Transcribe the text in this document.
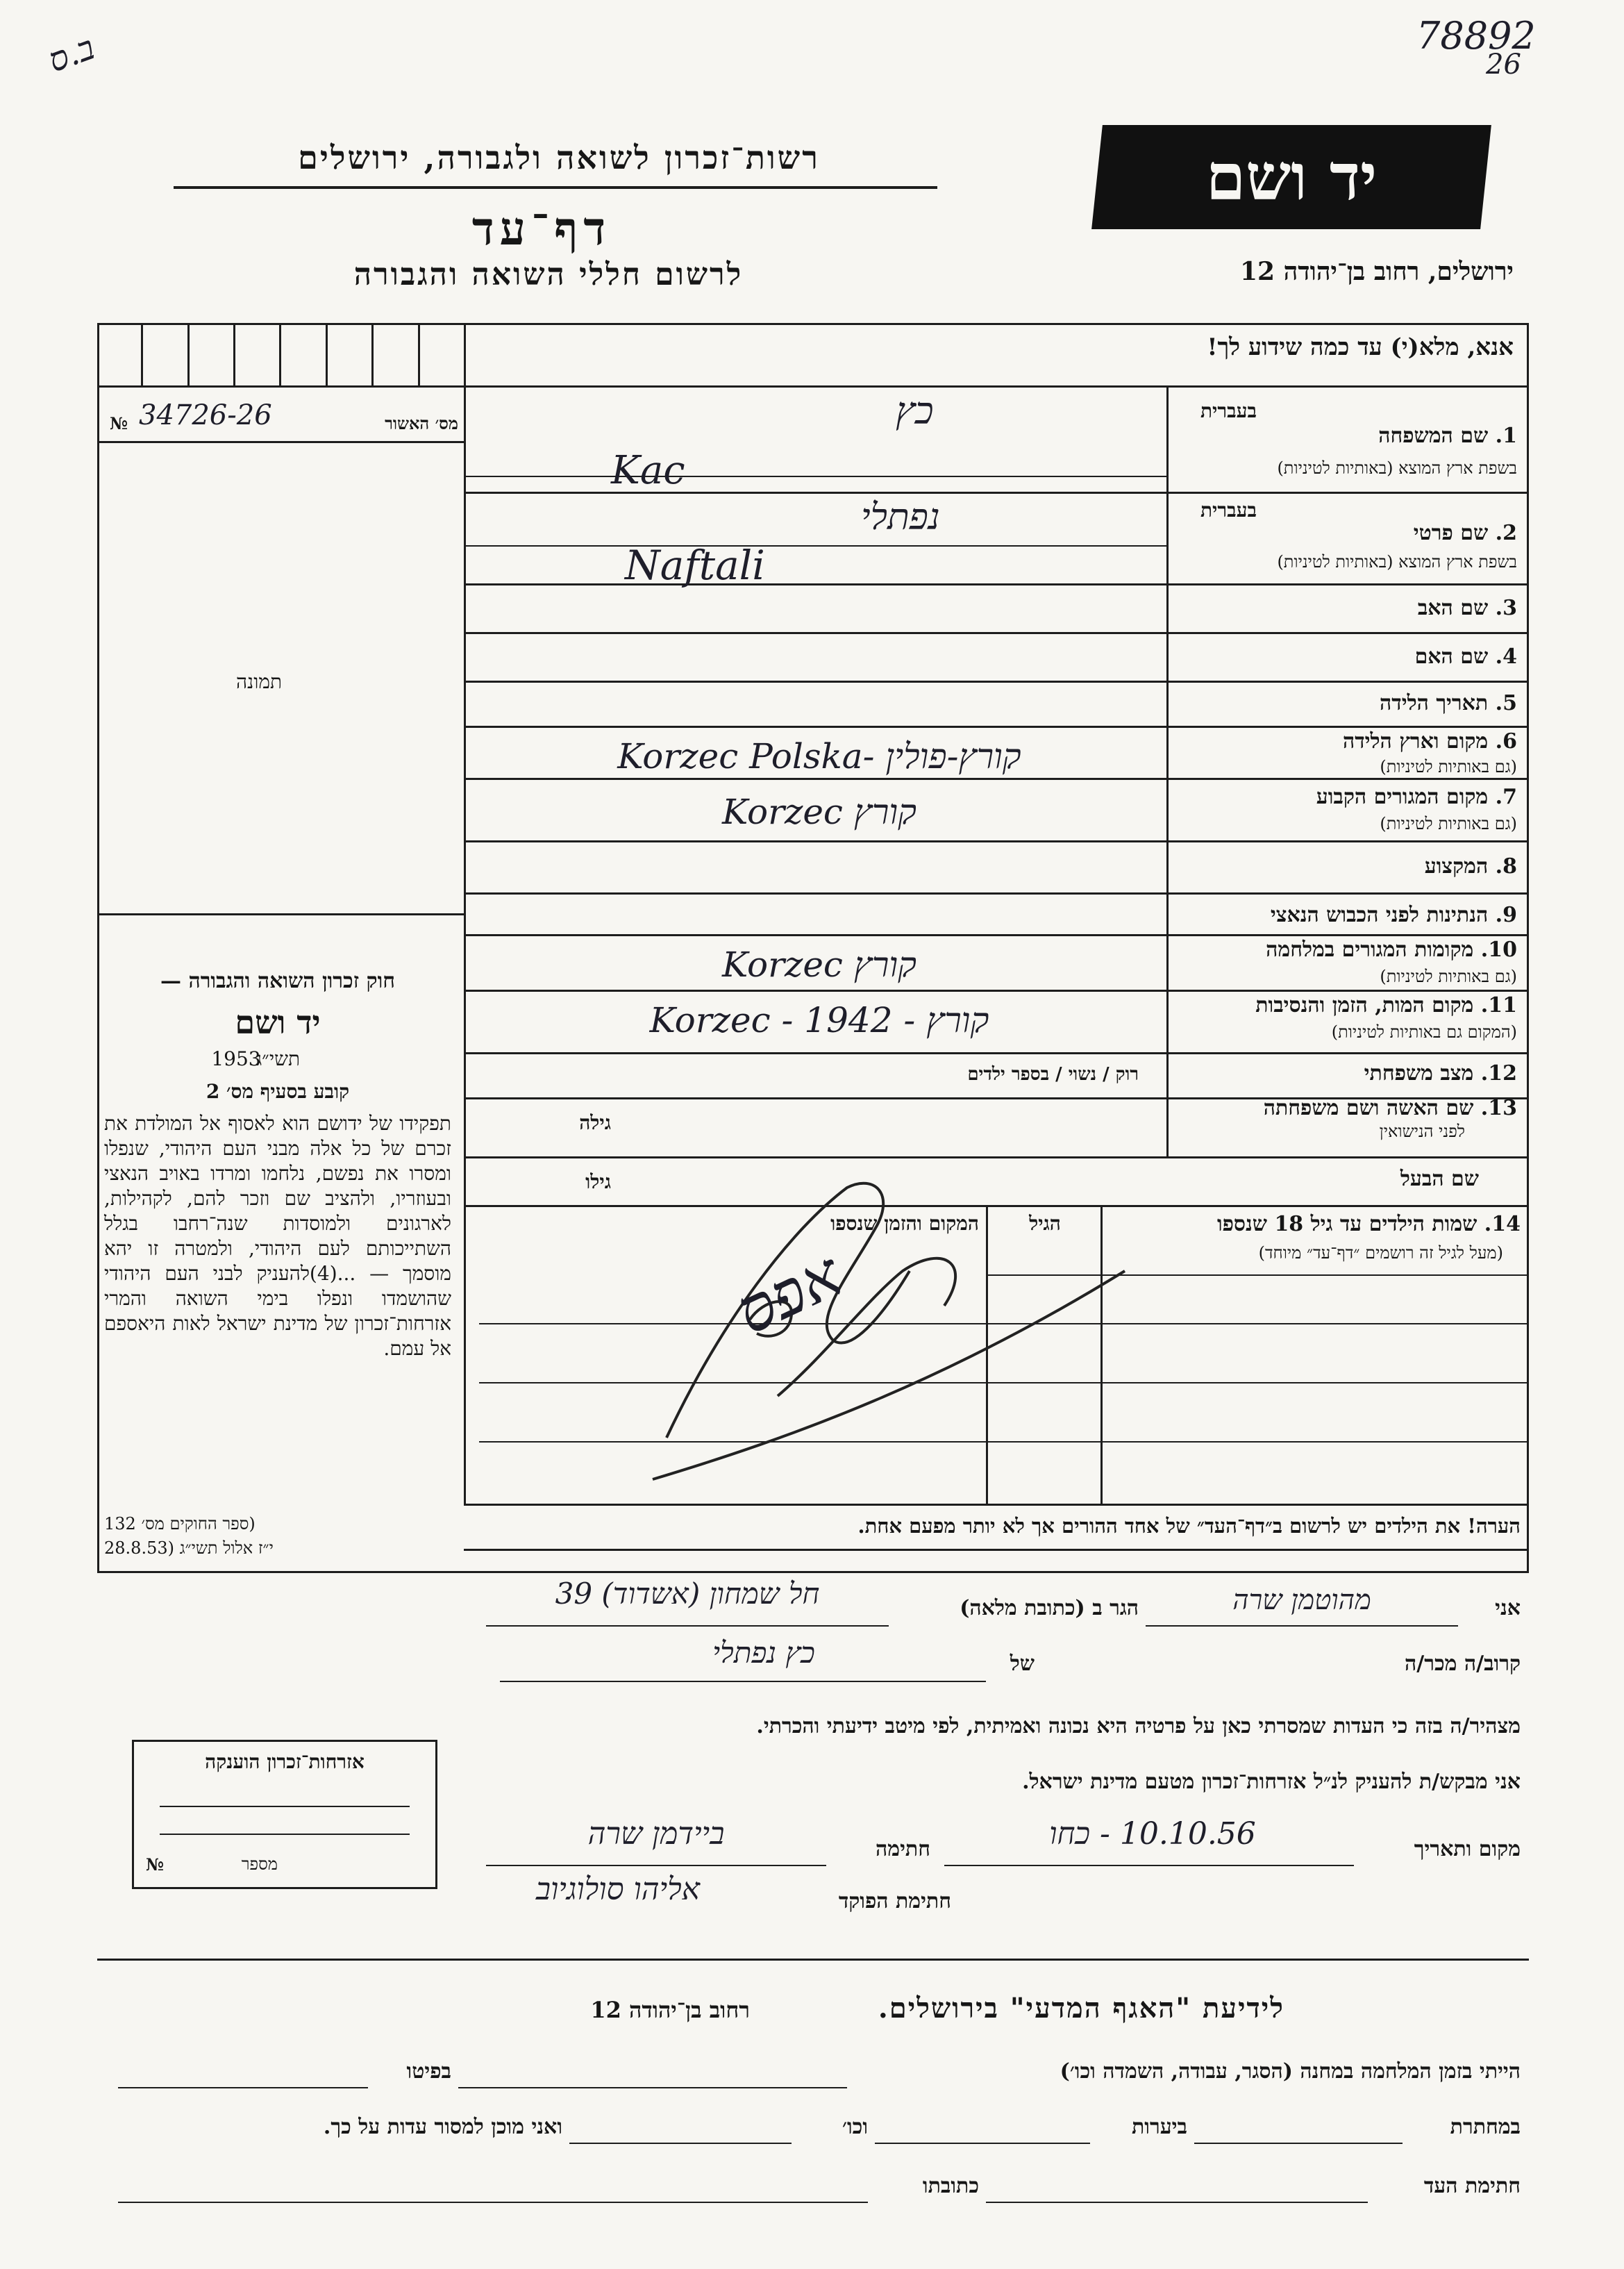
ב.ס	78892
26
רשות־זכרון לשואה ולגבורה, ירושלים
דף־עד
לרשום חללי השואה והגבורה
יד ושם
ירושלים, רחוב בן־יהודה 12
מס׳ האשור
№ 34726-26
תמונה
חוק זכרון השואה והגבורה —
יד ושם
תשי״ג
1953
קובע בסעיף מס׳ 2
תפקידו של ידושם הוא לאסוף אל המולדת את זכרם של כל אלה מבני העם היהודי, שנפלו ומסרו את נפשם, נלחמו ומרדו באויב הנאצי ובעוזריו, ולהציב שם וזכר להם, לקהילות, לארגונים ולמוסדות שנה־רחבו בגלל השתייכותם לעם היהודי, ולמטרה זו יהא מוסמך — ...(4)להעניק לבני העם היהודי שהושמדו ונפלו בימי השואה והמרי אזרחות־זכרון של מדינת ישראל לאות היאספם אל עמם.
(ספר החוקים מס׳ 132
י״ז אלול תשי״ג (28.8.53
אזרחות־זכרון הוענקה
מספר
№
אנא, מלא(י) עד כמה שידוע לך!
בעברית
1. שם המשפחה
בשפת ארץ המוצא (באותיות לטיניות)
כץ
Kac
בעברית
2. שם פרטי
בשפת ארץ המוצא (באותיות לטיניות)
נפתלי
Naftali
3. שם האב
4. שם האם
5. תאריך הלידה
6. מקום וארץ הלידה
(גם באותיות לטיניות)
Korzec Polska- קורץ-פולין
7. מקום המגורים הקבוע
(גם באותיות לטיניות)
Korzec קורץ
8. המקצוע
9. הנתינות לפני הכבוש הנאצי
10. מקומות המגורים במלחמה
(גם באותיות לטיניות)
Korzec קורץ
11. מקום המות, הזמן והנסיבות
(המקום גם באותיות לטיניות)
Korzec - 1942 - קורץ
12. מצב משפחתי
רוק / נשוי / בספר ילדים
13. שם האשה ושם משפחתה
לפני הנישואין
גילה
שם הבעל
גילו
14. שמות הילדים עד גיל 18 שנספו
(מעל לגיל זה רושמים ״דף־עד״ מיוחד)
הגיל
המקום והזמן שנספו
אפס
הערה! את הילדים יש לרשום ב״דף־העד״ של אחד ההורים אך לא יותר מפעם אחת.
אני
מהוטמן שרה
הגר ב (כתובת מלאה)
חל שמחון (אשדוד) 39
קרוב/ה מכר/ה
של
כץ נפתלי
מצהיר/ה בזה כי העדות שמסרתי כאן על פרטיה היא נכונה ואמיתית, לפי מיטב ידיעתי והכרתי.
אני מבקש/ת להעניק לנ״ל אזרחות־זכרון מטעם מדינת ישראל.
מקום ותאריך
10.10.56 - כחו
חתימה
ביידמן שרה
חתימת הפוקד
אליהו סולוגיוב
לידיעת "האגף המדעי" בירושלים.
רחוב בן־יהודה 12
הייתי בזמן המלחמה במחנה (הסגר, עבודה, השמדה וכו׳)
בפיטו
במחתרת
ביערות
וכו׳
ואני מוכן למסור עדות על כך.
חתימת העד
כתובתו
